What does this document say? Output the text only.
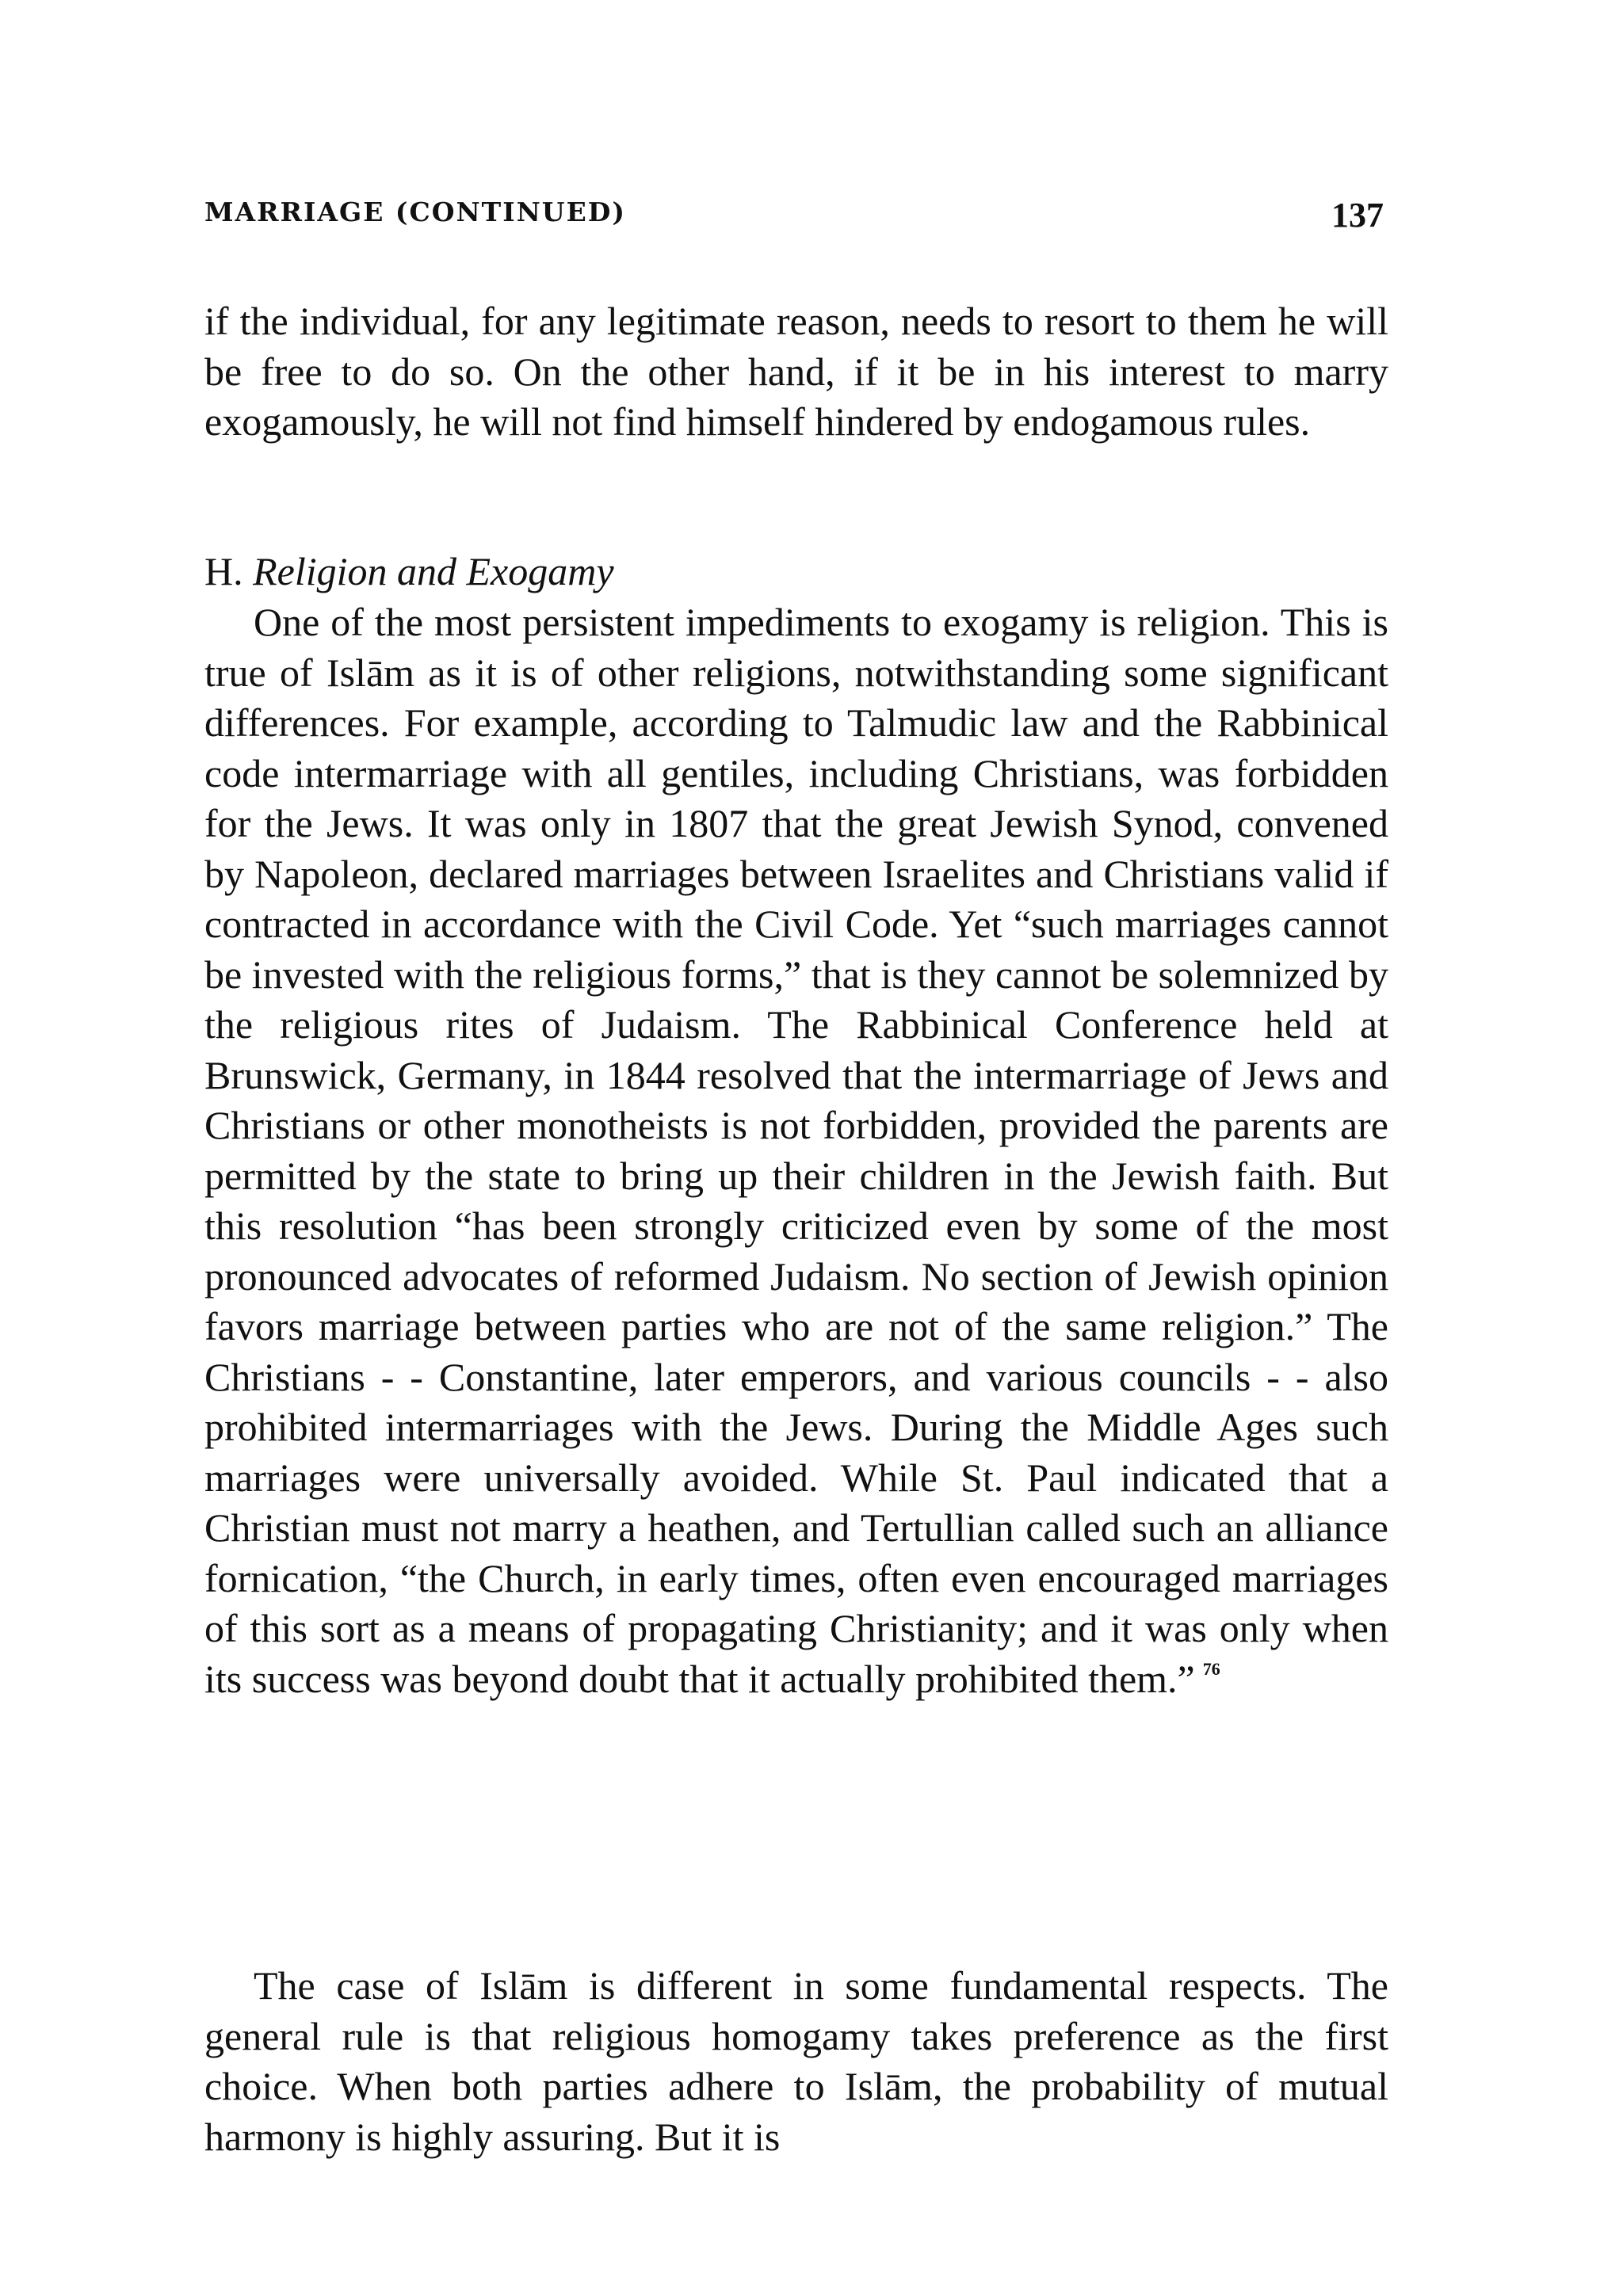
MARRIAGE (CONTINUED)	137

if the individual, for any legitimate reason, needs to resort to them he will be free to do so. On the other hand, if it be in his interest to marry exogamously, he will not find himself hindered by endogamous rules.

H. Religion and Exogamy

One of the most persistent impediments to exogamy is religion. This is true of Islām as it is of other religions, notwithstanding some significant differences. For example, according to Talmudic law and the Rabbinical code intermarriage with all gentiles, including Christians, was forbidden for the Jews. It was only in 1807 that the great Jewish Synod, convened by Napoleon, declared marriages between Israelites and Christians valid if contracted in accordance with the Civil Code. Yet “such marriages cannot be invested with the religious forms,” that is they cannot be solemnized by the religious rites of Judaism. The Rabbinical Conference held at Brunswick, Germany, in 1844 resolved that the intermarriage of Jews and Christians or other monotheists is not forbidden, provided the parents are permitted by the state to bring up their children in the Jewish faith. But this resolution “has been strongly criticized even by some of the most pronounced advocates of reformed Judaism. No section of Jewish opinion favors marriage between parties who are not of the same religion.” The Christians - - Constantine, later emperors, and various councils - - also prohibited intermarriages with the Jews. During the Middle Ages such marriages were universally avoided. While St. Paul indicated that a Christian must not marry a heathen, and Tertullian called such an alliance fornication, “the Church, in early times, often even encouraged marriages of this sort as a means of propagating Christianity; and it was only when its success was beyond doubt that it actually prohibited them.” $^{76}$

The case of Islām is different in some fundamental respects. The general rule is that religious homogamy takes preference as the first choice. When both parties adhere to Islām, the probability of mutual harmony is highly assuring. But it is
